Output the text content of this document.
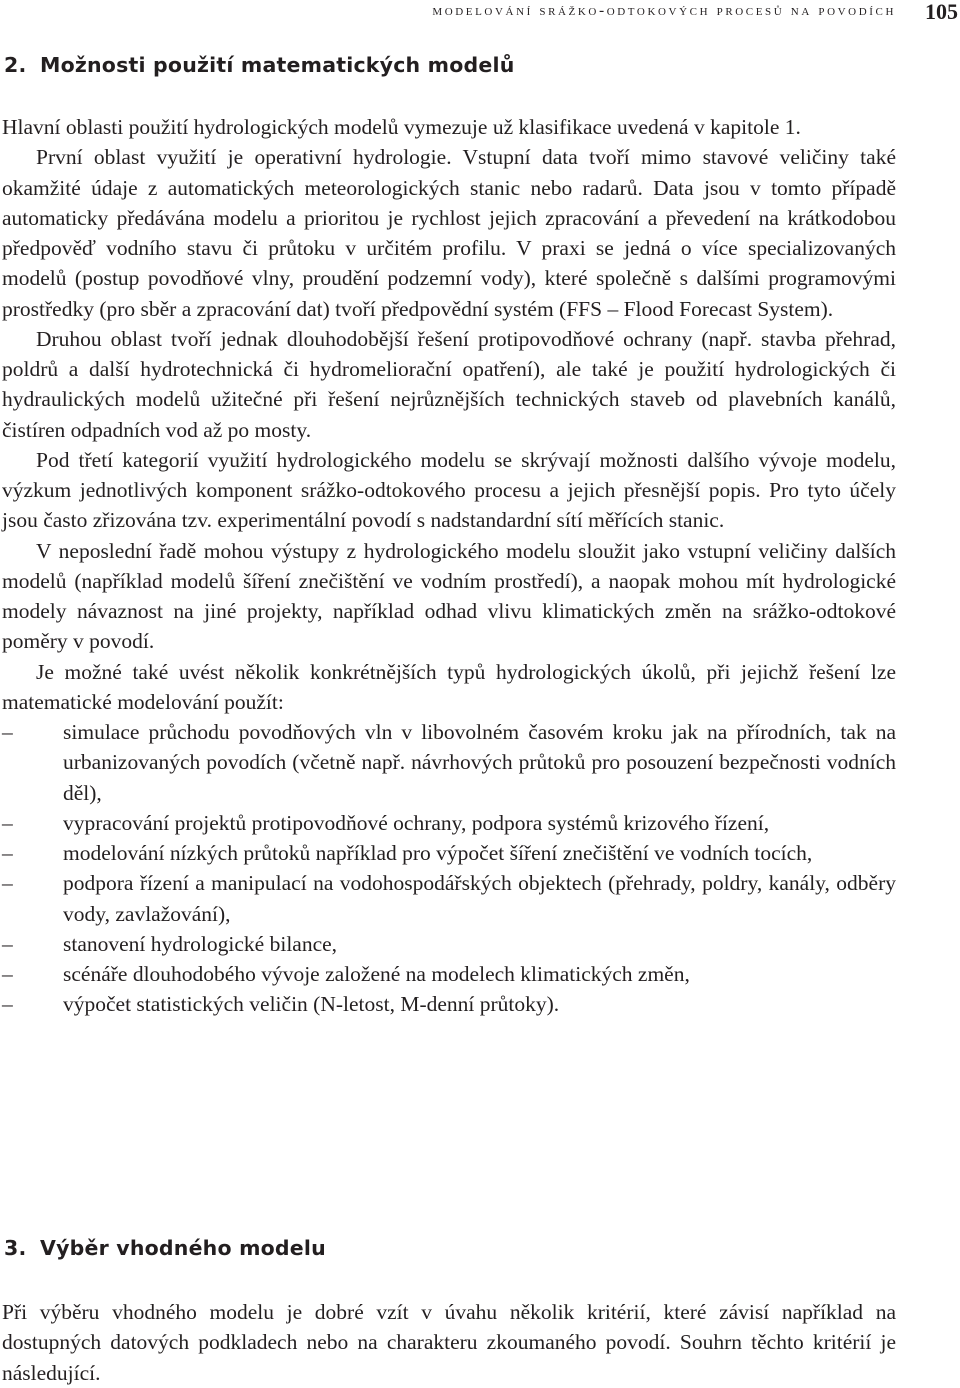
modelování srážko-odtokových procesů na povodích 105
2. Možnosti použití matematických modelů

Hlavní oblasti použití hydrologických modelů vymezuje už klasifikace uvedená v kapitole 1.

První oblast využití je operativní hydrologie. Vstupní data tvoří mimo stavové veličiny také okamžité údaje z automatických meteorologických stanic nebo radarů. Data jsou v tomto případě automaticky předávána modelu a prioritou je rychlost jejich zpracování a převedení na krátkodobou předpověď vodního stavu či průtoku v určitém profilu. V praxi se jedná o více specializovaných modelů (postup povodňové vlny, proudění podzemní vody), které společně s dalšími programovými prostředky (pro sběr a zpracování dat) tvoří předpovědní systém (FFS – Flood Forecast System).

Druhou oblast tvoří jednak dlouhodobější řešení protipovodňové ochrany (např. stavba přehrad, poldrů a další hydrotechnická či hydromeliorační opatření), ale také je použití hydrologických či hydraulických modelů užitečné při řešení nejrůznějších technických staveb od plavebních kanálů, čistíren odpadních vod až po mosty.

Pod třetí kategorií využití hydrologického modelu se skrývají možnosti dalšího vývoje modelu, výzkum jednotlivých komponent srážko-odtokového procesu a jejich přesnější popis. Pro tyto účely jsou často zřizována tzv. experimentální povodí s nadstandardní sítí měřících stanic.

V neposlední řadě mohou výstupy z hydrologického modelu sloužit jako vstupní veličiny dalších modelů (například modelů šíření znečištění ve vodním prostředí), a naopak mohou mít hydrologické modely návaznost na jiné projekty, například odhad vlivu klimatických změn na srážko-odtokové poměry v povodí.

Je možné také uvést několik konkrétnějších typů hydrologických úkolů, při jejichž řešení lze matematické modelování použít:

–	simulace průchodu povodňových vln v libovolném časovém kroku jak na přírodních, tak na urbanizovaných povodích (včetně např. návrhových průtoků pro posouzení bezpečnosti vodních děl),
–	vypracování projektů protipovodňové ochrany, podpora systémů krizového řízení,
–	modelování nízkých průtoků například pro výpočet šíření znečištění ve vodních tocích,
–	podpora řízení a manipulací na vodohospodářských objektech (přehrady, poldry, kanály, odběry vody, zavlažování),
–	stanovení hydrologické bilance,
–	scénáře dlouhodobého vývoje založené na modelech klimatických změn,
–	výpočet statistických veličin (N-letost, M-denní průtoky).
3. Výběr vhodného modelu

Při výběru vhodného modelu je dobré vzít v úvahu několik kritérií, které závisí například na dostupných datových podkladech nebo na charakteru zkoumaného povodí. Souhrn těchto kritérií je následující.
